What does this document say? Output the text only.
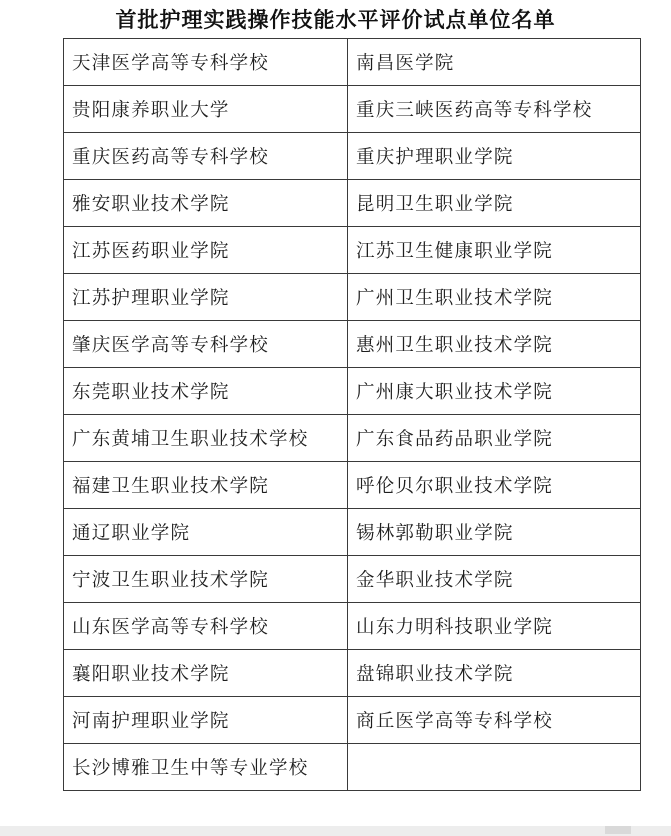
首批护理实践操作技能水平评价试点单位名单
天津医学高等专科学校	南昌医学院
贵阳康养职业大学	重庆三峡医药高等专科学校
重庆医药高等专科学校	重庆护理职业学院
雅安职业技术学院	昆明卫生职业学院
江苏医药职业学院	江苏卫生健康职业学院
江苏护理职业学院	广州卫生职业技术学院
肇庆医学高等专科学校	惠州卫生职业技术学院
东莞职业技术学院	广州康大职业技术学院
广东黄埔卫生职业技术学校	广东食品药品职业学院
福建卫生职业技术学院	呼伦贝尔职业技术学院
通辽职业学院	锡林郭勒职业学院
宁波卫生职业技术学院	金华职业技术学院
山东医学高等专科学校	山东力明科技职业学院
襄阳职业技术学院	盘锦职业技术学院
河南护理职业学院	商丘医学高等专科学校
长沙博雅卫生中等专业学校	
